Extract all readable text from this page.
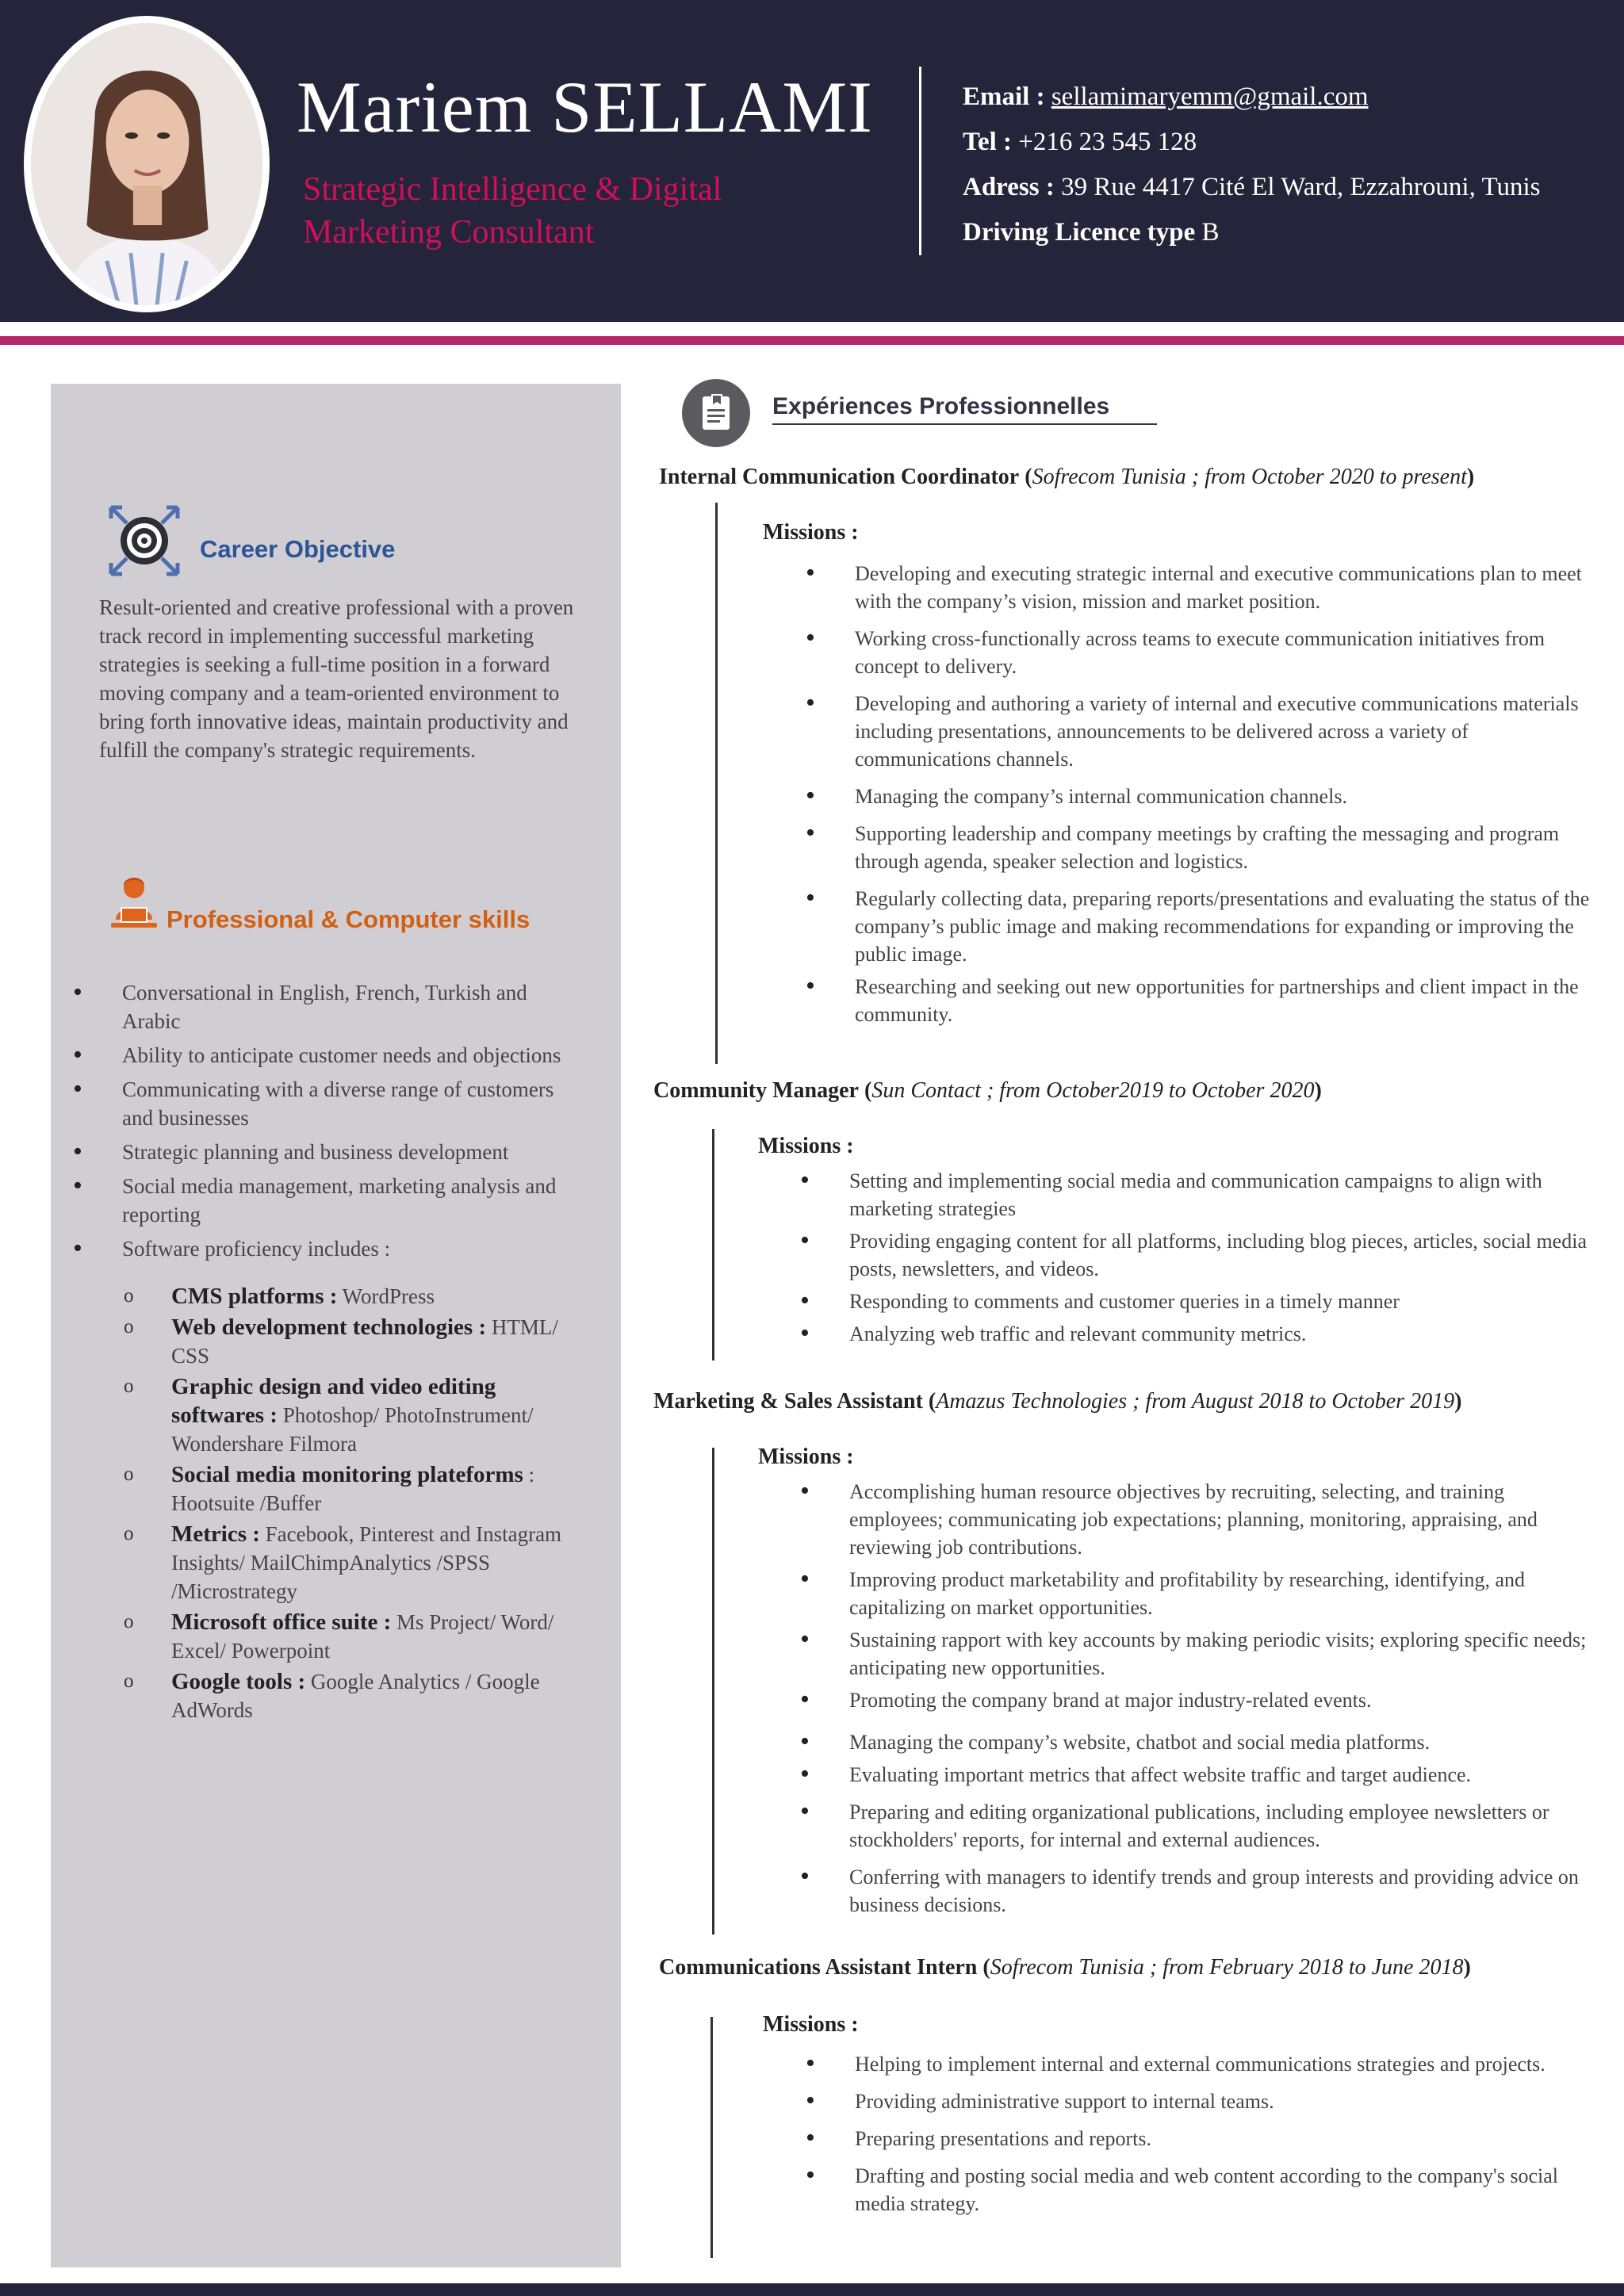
Mariem SELLAMI
Strategic Intelligence & Digital Marketing Consultant
Email : sellamimaryemm@gmail.com
Tel : +216 23 545 128
Adress : 39 Rue 4417 Cité El Ward, Ezzahrouni, Tunis
Driving Licence type B
Career Objective
Result-oriented and creative professional with a proven track record in implementing successful marketing strategies is seeking a full-time position in a forward moving company and a team-oriented environment to bring forth innovative ideas, maintain productivity and fulfill the company's strategic requirements.
Professional & Computer skills
• Conversational in English, French, Turkish and Arabic
• Ability to anticipate customer needs and objections
• Communicating with a diverse range of customers and businesses
• Strategic planning and business development
• Social media management, marketing analysis and reporting
• Software proficiency includes :
o CMS platforms : WordPress
o Web development technologies : HTML/ CSS
o Graphic design and video editing softwares : Photoshop/ PhotoInstrument/ Wondershare Filmora
o Social media monitoring plateforms : Hootsuite /Buffer
o Metrics : Facebook, Pinterest and Instagram Insights/ MailChimpAnalytics /SPSS /Microstrategy
o Microsoft office suite : Ms Project/ Word/ Excel/ Powerpoint
o Google tools : Google Analytics / Google AdWords
Expériences Professionnelles
Internal Communication Coordinator (Sofrecom Tunisia ; from October 2020 to present)
Missions :
• Developing and executing strategic internal and executive communications plan to meet with the company’s vision, mission and market position.
• Working cross-functionally across teams to execute communication initiatives from concept to delivery.
• Developing and authoring a variety of internal and executive communications materials including presentations, announcements to be delivered across a variety of communications channels.
• Managing the company’s internal communication channels.
• Supporting leadership and company meetings by crafting the messaging and program through agenda, speaker selection and logistics.
• Regularly collecting data, preparing reports/presentations and evaluating the status of the company’s public image and making recommendations for expanding or improving the public image.
• Researching and seeking out new opportunities for partnerships and client impact in the community.
Community Manager (Sun Contact ; from October2019 to October 2020)
Missions :
• Setting and implementing social media and communication campaigns to align with marketing strategies
• Providing engaging content for all platforms, including blog pieces, articles, social media posts, newsletters, and videos.
• Responding to comments and customer queries in a timely manner
• Analyzing web traffic and relevant community metrics.
Marketing & Sales Assistant (Amazus Technologies ; from August 2018 to October 2019)
Missions :
• Accomplishing human resource objectives by recruiting, selecting, and training employees; communicating job expectations; planning, monitoring, appraising, and reviewing job contributions.
• Improving product marketability and profitability by researching, identifying, and capitalizing on market opportunities.
• Sustaining rapport with key accounts by making periodic visits; exploring specific needs; anticipating new opportunities.
• Promoting the company brand at major industry-related events.
• Managing the company’s website, chatbot and social media platforms.
• Evaluating important metrics that affect website traffic and target audience.
• Preparing and editing organizational publications, including employee newsletters or stockholders' reports, for internal and external audiences.
• Conferring with managers to identify trends and group interests and providing advice on business decisions.
Communications Assistant Intern (Sofrecom Tunisia ; from February 2018 to June 2018)
Missions :
• Helping to implement internal and external communications strategies and projects.
• Providing administrative support to internal teams.
• Preparing presentations and reports.
• Drafting and posting social media and web content according to the company's social media strategy.
